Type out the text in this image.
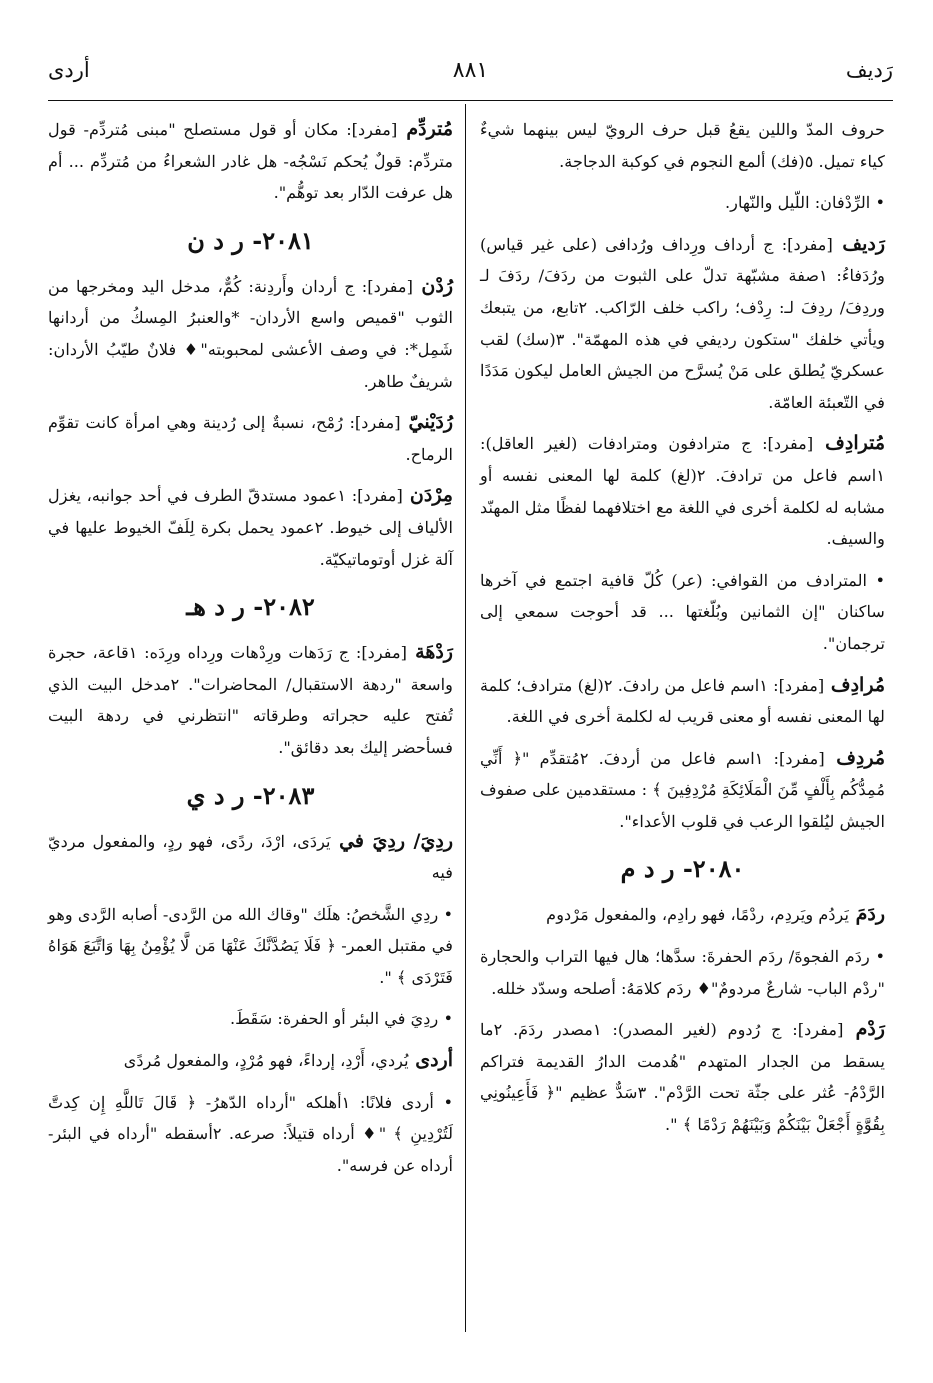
رَديف
٨٨١
أردى
حروف المدّ واللين يقعُ قبل حرف الرويّ ليس بينهما شيءٌ كياء تميل. ٥(فك) ألمع النجوم في كوكبة الدجاجة.
• الرِّدْفان: اللّيل والنّهار.
رَديف [مفرد]: ج أرداف ورِداف ورُدافى (على غير قياس) ورُدَفاءُ: ١صفة مشبّهة تدلّ على الثبوت من ردَفَ/ ردَفَ لـ وردِفَ/ ردِفَ لـ: رِدْف؛ راكب خلف الرّاكب. ٢تابع، من يتبعك ويأتي خلفك "ستكون رديفي في هذه المهمّة". ٣(سك) لقب عسكريّ يُطلق على مَنْ يُسرَّح من الجيش العامل ليكون مَدَدًا في التّعبئة العامّة.
مُترادِف [مفرد]: ج مترادفون ومترادفات (لغير العاقل): ١اسم فاعل من ترادفَ. ٢(لغ) كلمة لها المعنى نفسه أو مشابه له لكلمة أخرى في اللغة مع اختلافهما لفظًا مثل المهنّد والسيف.
• المترادف من القوافي: (عر) كُلّ قافية اجتمع في آخرها ساكنان "إن الثمانين وبُلّغتها ... قد أحوجت سمعي إلى ترجمان".
مُرادِف [مفرد]: ١اسم فاعل من رادفَ. ٢(لغ) مترادف؛ كلمة لها المعنى نفسه أو معنى قريب له لكلمة أخرى في اللغة.
مُردِف [مفرد]: ١اسم فاعل من أردفَ. ٢مُتقدِّم "﴿ أَنِّي مُمِدُّكُم بِأَلْفٍ مِّنَ الْمَلَائِكَةِ مُرْدِفِينَ ﴾ : مستقدمين على صفوف الجيش ليُلقوا الرعب في قلوب الأعداء".
٢٠٨٠- ر د م
ردَمَ يَردُم ويَردِم، ردْمًا، فهو رادِم، والمفعول مَرْدوم
• ردَم الفجوةَ/ ردَم الحفرةَ: سدَّها؛ هال فيها التراب والحجارة "ردْم الباب- شارعٌ مردومٌ"♦ ردَم كلامَهُ: أصلحه وسدّد خلله.
رَدْم [مفرد]: ج رُدوم (لغير المصدر): ١مصدر ردَمَ. ٢ما يسقط من الجدار المتهدم "هُدمت الدارُ القديمة فتراكم الرَّدْمُ- عُثر على جثّة تحت الرَّدْم". ٣سَدٌّ عظيم "﴿ فَأَعِينُونِي بِقُوَّةٍ أَجْعَلْ بَيْنَكُمْ وَبَيْنَهُمْ رَدْمًا ﴾ ".
مُتردِّم [مفرد]: مكان أو قول مستصلح "مبنى مُتردِّم- قول متردِّم: قولٌ يُحكم نَسْجُه- هل غادر الشعراءُ من مُتردِّم ... أم هل عرفت الدّار بعد توهُّم".
٢٠٨١- ر د ن
رُدْن [مفرد]: ج أردان وأَردِنة: كُمٌّ، مدخل اليد ومخرجها من الثوب "قميص واسع الأردان- *والعنبرُ المِسكُ من أردانها شَمِل*: في وصف الأعشى لمحبوبته"♦ فلانٌ طيّبُ الأردان: شريفٌ طاهر.
رُدَيْنيّ [مفرد]: رُمْح، نسبةٌ إلى رُدينة وهي امرأة كانت تقوِّم الرماح.
مِرْدَن [مفرد]: ١عمود مستدقّ الطرف في أحد جوانبه، يغزل الألياف إلى خيوط. ٢عمود يحمل بكرة لِلَفّ الخيوط عليها في آلة غزل أوتوماتيكيّة.
٢٠٨٢- ر د هـ
رَدْهَة [مفرد]: ج رَدَهات ورِدْهات ورِداه ورِدَه: ١قاعة، حجرة واسعة "ردهة الاستقبال/ المحاضرات". ٢مدخل البيت الذي تُفتح عليه حجراته وطرقاته "انتظرني في ردهة البيت فسأحضر إليك بعد دقائق".
٢٠٨٣- ر د ي
ردِيَ/ ردِيَ في يَردَى، ارْدَ، ردًى، فهو ردٍ، والمفعول مرديّ فيه
• ردِي الشَّخصُ: هلَك "وقاك الله من الرَّدى- أصابه الرَّدى وهو في مقتبل العمر- ﴿ فَلَا يَصُدَّنَّكَ عَنْهَا مَن لَّا يُؤْمِنُ بِهَا وَاتَّبَعَ هَوَاهُ فَتَرْدَى ﴾ ".
• ردِيَ في البئر أو الحفرة: سَقَطَ.
أردى يُردي، أَرْدِ، إرداءً، فهو مُرْدٍ، والمفعول مُردًى
• أردى فلانًا: ١أهلكه "أرداه الدّهرُ- ﴿ قَالَ تَاللَّهِ إِن كِدتَّ لَتُرْدِينِ ﴾ "♦ أرداه قتيلاً: صرعه. ٢أسقطه "أرداه في البئر- أرداه عن فرسه".
